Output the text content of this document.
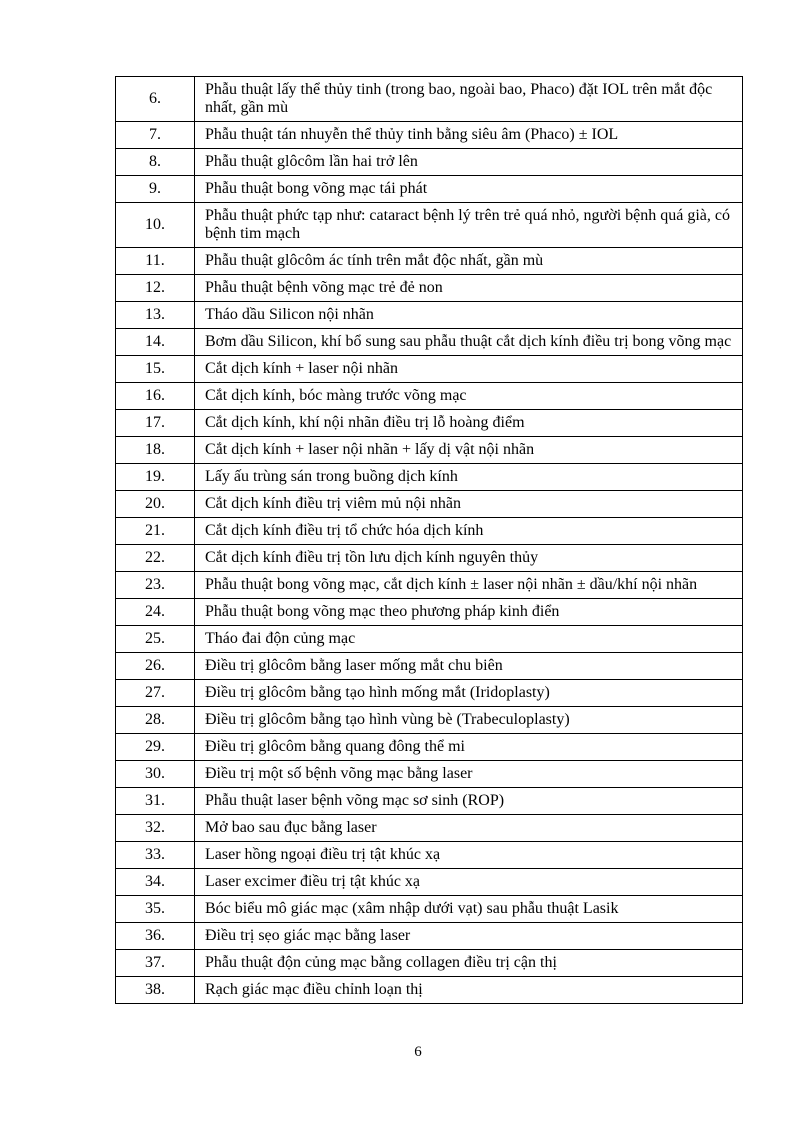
6.	Phẫu thuật lấy thể thủy tinh (trong bao, ngoài bao, Phaco) đặt IOL trên mắt độc nhất, gần mù
7.	Phẫu thuật tán nhuyễn thể thủy tinh bằng siêu âm (Phaco) ± IOL
8.	Phẫu thuật glôcôm lần hai trở lên
9.	Phẫu thuật bong võng mạc tái phát
10.	Phẫu thuật phức tạp như: cataract bệnh lý trên trẻ quá nhỏ, người bệnh quá già, có bệnh tim mạch
11.	Phẫu thuật glôcôm ác tính trên mắt độc nhất, gần mù
12.	Phẫu thuật bệnh võng mạc trẻ đẻ non
13.	Tháo dầu Silicon nội nhãn
14.	Bơm dầu Silicon, khí bổ sung sau phẫu thuật cắt dịch kính điều trị bong võng mạc
15.	Cắt dịch kính + laser nội nhãn
16.	Cắt dịch kính, bóc màng trước võng mạc
17.	Cắt dịch kính, khí nội nhãn điều trị lỗ hoàng điểm
18.	Cắt dịch kính + laser nội nhãn + lấy dị vật nội nhãn
19.	Lấy ấu trùng sán trong buồng dịch kính
20.	Cắt dịch kính điều trị viêm mủ nội nhãn
21.	Cắt dịch kính điều trị tổ chức hóa dịch kính
22.	Cắt dịch kính điều trị tồn lưu dịch kính nguyên thủy
23.	Phẫu thuật bong võng mạc, cắt dịch kính ± laser nội nhãn ± dầu/khí nội nhãn
24.	Phẫu thuật bong võng mạc theo phương pháp kinh điển
25.	Tháo đai độn củng mạc
26.	Điều trị glôcôm bằng laser mống mắt chu biên
27.	Điều trị glôcôm bằng tạo hình mống mắt (Iridoplasty)
28.	Điều trị glôcôm bằng tạo hình vùng bè (Trabeculoplasty)
29.	Điều trị glôcôm bằng quang đông thể mi
30.	Điều trị một số bệnh võng mạc bằng laser
31.	Phẫu thuật laser bệnh võng mạc sơ sinh (ROP)
32.	Mở bao sau đục bằng laser
33.	Laser hồng ngoại điều trị tật khúc xạ
34.	Laser excimer điều trị tật khúc xạ
35.	Bóc biểu mô giác mạc (xâm nhập dưới vạt) sau phẫu thuật Lasik
36.	Điều trị sẹo giác mạc bằng laser
37.	Phẫu thuật độn củng mạc bằng collagen điều trị cận thị
38.	Rạch giác mạc điều chỉnh loạn thị
6
